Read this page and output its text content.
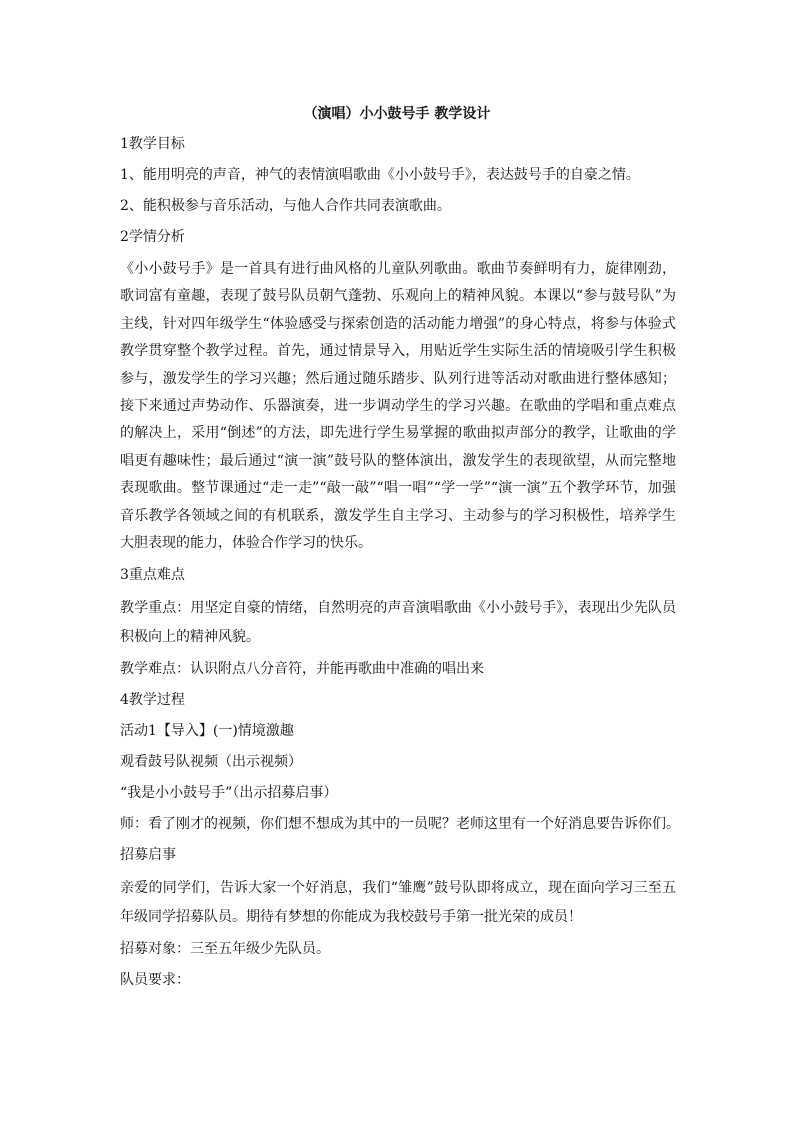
（演唱）小小鼓号手 教学设计

1教学目标

1、能用明亮的声音，神气的表情演唱歌曲《小小鼓号手》，表达鼓号手的自豪之情。

2、能积极参与音乐活动，与他人合作共同表演歌曲。

2学情分析

《小小鼓号手》是一首具有进行曲风格的儿童队列歌曲。歌曲节奏鲜明有力，旋律刚劲，歌词富有童趣，表现了鼓号队员朝气蓬勃、乐观向上的精神风貌。本课以“参与鼓号队”为主线，针对四年级学生“体验感受与探索创造的活动能力增强”的身心特点，将参与体验式教学贯穿整个教学过程。首先，通过情景导入，用贴近学生实际生活的情境吸引学生积极参与，激发学生的学习兴趣；然后通过随乐踏步、队列行进等活动对歌曲进行整体感知；接下来通过声势动作、乐器演奏，进一步调动学生的学习兴趣。在歌曲的学唱和重点难点的解决上，采用“倒述”的方法，即先进行学生易掌握的歌曲拟声部分的教学，让歌曲的学唱更有趣味性；最后通过“演一演”鼓号队的整体演出，激发学生的表现欲望，从而完整地表现歌曲。整节课通过“走一走”“敲一敲”“唱一唱”“学一学”“演一演”五个教学环节，加强音乐教学各领域之间的有机联系，激发学生自主学习、主动参与的学习积极性，培养学生大胆表现的能力，体验合作学习的快乐。

3重点难点

教学重点：用坚定自豪的情绪，自然明亮的声音演唱歌曲《小小鼓号手》，表现出少先队员积极向上的精神风貌。

教学难点：认识附点八分音符，并能再歌曲中准确的唱出来

4教学过程

活动1【导入】(一)情境激趣

观看鼓号队视频（出示视频）

“我是小小鼓号手”（出示招募启事）

师：看了刚才的视频，你们想不想成为其中的一员呢？老师这里有一个好消息要告诉你们。

招募启事

亲爱的同学们，告诉大家一个好消息，我们“雏鹰”鼓号队即将成立，现在面向学习三至五年级同学招募队员。期待有梦想的你能成为我校鼓号手第一批光荣的成员！

招募对象：三至五年级少先队员。

队员要求：
